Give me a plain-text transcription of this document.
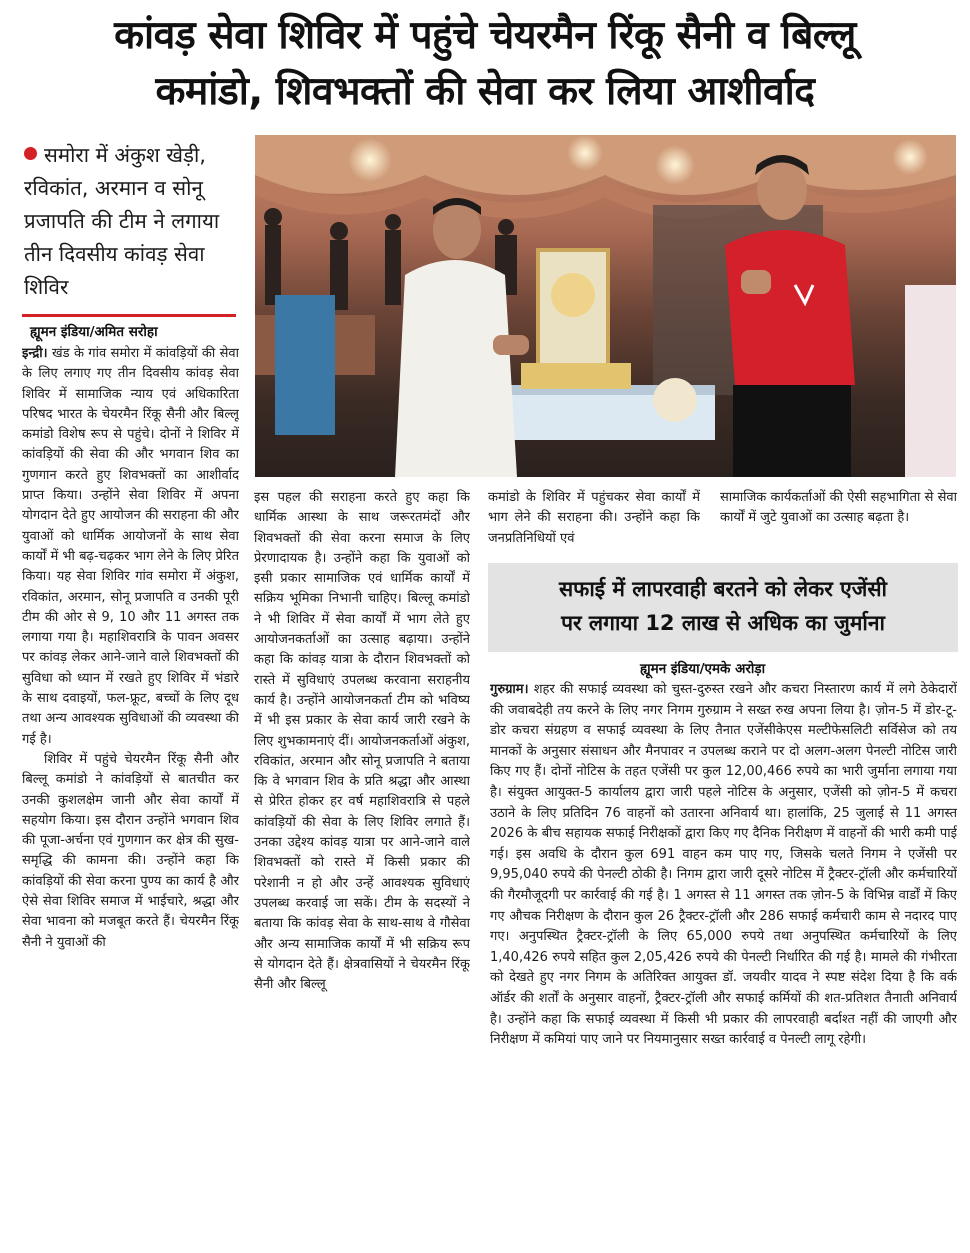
कांवड़ सेवा शिविर में पहुंचे चेयरमैन रिंकू सैनी व बिल्लू
कमांडो, शिवभक्तों की सेवा कर लिया आशीर्वाद
समोरा में अंकुश खेड़ी, रविकांत, अरमान व सोनू प्रजापति की टीम ने लगाया तीन दिवसीय कांवड़ सेवा शिविर
ह्यूमन इंडिया/अमित सरोहा

इन्द्री। खंड के गांव समोरा में कांवड़ियों की सेवा के लिए लगाए गए तीन दिवसीय कांवड़ सेवा शिविर में सामाजिक न्याय एवं अधिकारिता परिषद भारत के चेयरमैन रिंकू सैनी और बिल्लू कमांडो विशेष रूप से पहुंचे। दोनों ने शिविर में कांवड़ियों की सेवा की और भगवान शिव का गुणगान करते हुए शिवभक्तों का आशीर्वाद प्राप्त किया। उन्होंने सेवा शिविर में अपना योगदान देते हुए आयोजन की सराहना की और युवाओं को धार्मिक आयोजनों के साथ सेवा कार्यों में भी बढ़-चढ़कर भाग लेने के लिए प्रेरित किया। यह सेवा शिविर गांव समोरा में अंकुश, रविकांत, अरमान, सोनू प्रजापति व उनकी पूरी टीम की ओर से 9, 10 और 11 अगस्त तक लगाया गया है। महाशिवरात्रि के पावन अवसर पर कांवड़ लेकर आने-जाने वाले शिवभक्तों की सुविधा को ध्यान में रखते हुए शिविर में भंडारे के साथ दवाइयों, फल-फ्रूट, बच्चों के लिए दूध तथा अन्य आवश्यक सुविधाओं की व्यवस्था की गई है।

शिविर में पहुंचे चेयरमैन रिंकू सैनी और बिल्लू कमांडो ने कांवड़ियों से बातचीत कर उनकी कुशलक्षेम जानी और सेवा कार्यों में सहयोग किया। इस दौरान उन्होंने भगवान शिव की पूजा-अर्चना एवं गुणगान कर क्षेत्र की सुख-समृद्धि की कामना की। उन्होंने कहा कि कांवड़ियों की सेवा करना पुण्य का कार्य है और ऐसे सेवा शिविर समाज में भाईचारे, श्रद्धा और सेवा भावना को मजबूत करते हैं। चेयरमैन रिंकू सैनी ने युवाओं की

इस पहल की सराहना करते हुए कहा कि धार्मिक आस्था के साथ जरूरतमंदों और शिवभक्तों की सेवा करना समाज के लिए प्रेरणादायक है। उन्होंने कहा कि युवाओं को इसी प्रकार सामाजिक एवं धार्मिक कार्यों में सक्रिय भूमिका निभानी चाहिए। बिल्लू कमांडो ने भी शिविर में सेवा कार्यों में भाग लेते हुए आयोजनकर्ताओं का उत्साह बढ़ाया। उन्होंने कहा कि कांवड़ यात्रा के दौरान शिवभक्तों को रास्ते में सुविधाएं उपलब्ध करवाना सराहनीय कार्य है। उन्होंने आयोजनकर्ता टीम को भविष्य में भी इस प्रकार के सेवा कार्य जारी रखने के लिए शुभकामनाएं दीं। आयोजनकर्ताओं अंकुश, रविकांत, अरमान और सोनू प्रजापति ने बताया कि वे भगवान शिव के प्रति श्रद्धा और आस्था से प्रेरित होकर हर वर्ष महाशिवरात्रि से पहले कांवड़ियों की सेवा के लिए शिविर लगाते हैं। उनका उद्देश्य कांवड़ यात्रा पर आने-जाने वाले शिवभक्तों को रास्ते में किसी प्रकार की परेशानी न हो और उन्हें आवश्यक सुविधाएं उपलब्ध करवाई जा सकें। टीम के सदस्यों ने बताया कि कांवड़ सेवा के साथ-साथ वे गौसेवा और अन्य सामाजिक कार्यों में भी सक्रिय रूप से योगदान देते हैं। क्षेत्रवासियों ने चेयरमैन रिंकू सैनी और बिल्लू

कमांडो के शिविर में पहुंचकर सेवा कार्यों में भाग लेने की सराहना की। उन्होंने कहा कि जनप्रतिनिधियों एवं

सामाजिक कार्यकर्ताओं की ऐसी सहभागिता से सेवा कार्यों में जुटे युवाओं का उत्साह बढ़ता है।

सफाई में लापरवाही बरतने को लेकर एजेंसी
पर लगाया 12 लाख से अधिक का जुर्माना
ह्यूमन इंडिया/एमके अरोड़ा

गुरुग्राम। शहर की सफाई व्यवस्था को चुस्त-दुरुस्त रखने और कचरा निस्तारण कार्य में लगे ठेकेदारों की जवाबदेही तय करने के लिए नगर निगम गुरुग्राम ने सख्त रुख अपना लिया है। ज़ोन-5 में डोर-टू-डोर कचरा संग्रहण व सफाई व्यवस्था के लिए तैनात एजेंसीकेएस मल्टीफेसलिटी सर्विसेज को तय मानकों के अनुसार संसाधन और मैनपावर न उपलब्ध कराने पर दो अलग-अलग पेनल्टी नोटिस जारी किए गए हैं। दोनों नोटिस के तहत एजेंसी पर कुल 12,00,466 रुपये का भारी जुर्माना लगाया गया है। संयुक्त आयुक्त-5 कार्यालय द्वारा जारी पहले नोटिस के अनुसार, एजेंसी को ज़ोन-5 में कचरा उठाने के लिए प्रतिदिन 76 वाहनों को उतारना अनिवार्य था। हालांकि, 25 जुलाई से 11 अगस्त 2026 के बीच सहायक सफाई निरीक्षकों द्वारा किए गए दैनिक निरीक्षण में वाहनों की भारी कमी पाई गई। इस अवधि के दौरान कुल 691 वाहन कम पाए गए, जिसके चलते निगम ने एजेंसी पर 9,95,040 रुपये की पेनल्टी ठोकी है। निगम द्वारा जारी दूसरे नोटिस में ट्रैक्टर-ट्रॉली और कर्मचारियों की गैरमौजूदगी पर कार्रवाई की गई है। 1 अगस्त से 11 अगस्त तक ज़ोन-5 के विभिन्न वार्डों में किए गए औचक निरीक्षण के दौरान कुल 26 ट्रैक्टर-ट्रॉली और 286 सफाई कर्मचारी काम से नदारद पाए गए। अनुपस्थित ट्रैक्टर-ट्रॉली के लिए 65,000 रुपये तथा अनुपस्थित कर्मचारियों के लिए 1,40,426 रुपये सहित कुल 2,05,426 रुपये की पेनल्टी निर्धारित की गई है। मामले की गंभीरता को देखते हुए नगर निगम के अतिरिक्त आयुक्त डॉ. जयवीर यादव ने स्पष्ट संदेश दिया है कि वर्क ऑर्डर की शर्तों के अनुसार वाहनों, ट्रैक्टर-ट्रॉली और सफाई कर्मियों की शत-प्रतिशत तैनाती अनिवार्य है। उन्होंने कहा कि सफाई व्यवस्था में किसी भी प्रकार की लापरवाही बर्दाश्त नहीं की जाएगी और निरीक्षण में कमियां पाए जाने पर नियमानुसार सख्त कार्रवाई व पेनल्टी लागू रहेगी।
